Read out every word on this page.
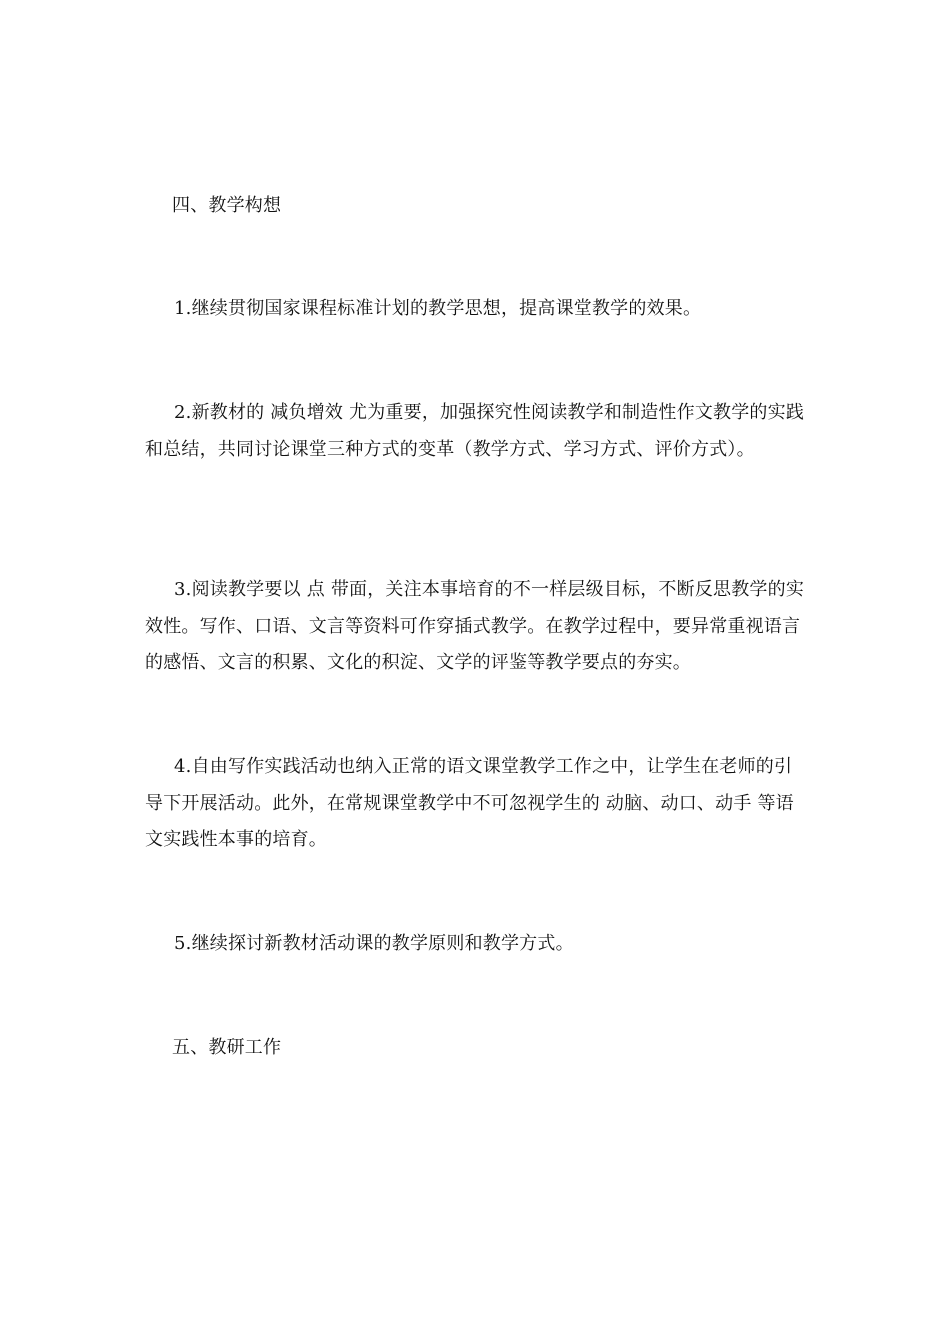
四、教学构想
1.继续贯彻国家课程标准计划的教学思想，提高课堂教学的效果。
2.新教材的 减负增效 尤为重要，加强探究性阅读教学和制造性作文教学的实践和总结，共同讨论课堂三种方式的变革（教学方式、学习方式、评价方式）。
3.阅读教学要以 点 带面，关注本事培育的不一样层级目标，不断反思教学的实效性。写作、口语、文言等资料可作穿插式教学。在教学过程中，要异常重视语言的感悟、文言的积累、文化的积淀、文学的评鉴等教学要点的夯实。
4.自由写作实践活动也纳入正常的语文课堂教学工作之中，让学生在老师的引导下开展活动。此外，在常规课堂教学中不可忽视学生的 动脑、动口、动手 等语文实践性本事的培育。
5.继续探讨新教材活动课的教学原则和教学方式。
五、教研工作
